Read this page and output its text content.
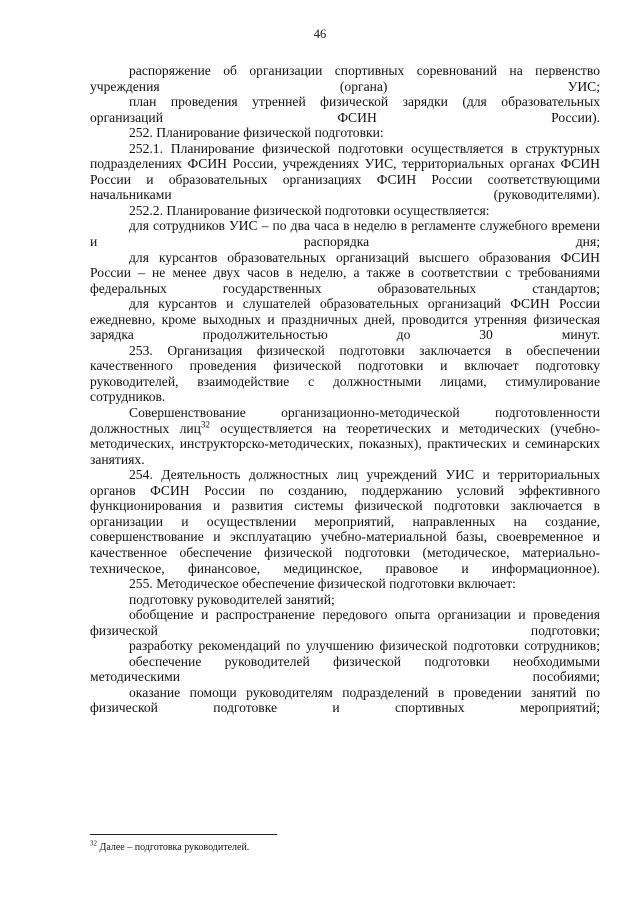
46

распоряжение об организации спортивных соревнований на первенство учреждения (органа) УИС;

план проведения утренней физической зарядки (для образовательных организаций ФСИН России).

252. Планирование физической подготовки:

252.1. Планирование физической подготовки осуществляется в структурных подразделениях ФСИН России, учреждениях УИС, территориальных органах ФСИН России и образовательных организациях ФСИН России соответствующими начальниками (руководителями).

252.2. Планирование физической подготовки осуществляется:

для сотрудников УИС – по два часа в неделю в регламенте служебного времени и распорядка дня;

для курсантов образовательных организаций высшего образования ФСИН России – не менее двух часов в неделю, а также в соответствии с требованиями федеральных государственных образовательных стандартов;

для курсантов и слушателей образовательных организаций ФСИН России ежедневно, кроме выходных и праздничных дней, проводится утренняя физическая зарядка продолжительностью до 30 минут.

253. Организация физической подготовки заключается в обеспечении качественного проведения физической подготовки и включает подготовку руководителей, взаимодействие с должностными лицами, стимулирование сотрудников.

Совершенствование организационно-методической подготовленности должностных лиц$^{32}$ осуществляется на теоретических и методических (учебно-методических, инструкторско-методических, показных), практических и семинарских занятиях.

254. Деятельность должностных лиц учреждений УИС и территориальных органов ФСИН России по созданию, поддержанию условий эффективного функционирования и развития системы физической подготовки заключается в организации и осуществлении мероприятий, направленных на создание, совершенствование и эксплуатацию учебно-материальной базы, своевременное и качественное обеспечение физической подготовки (методическое, материально-техническое, финансовое, медицинское, правовое и информационное).

255. Методическое обеспечение физической подготовки включает:

подготовку руководителей занятий;

обобщение и распространение передового опыта организации и проведения физической подготовки;

разработку рекомендаций по улучшению физической подготовки сотрудников;

обеспечение руководителей физической подготовки необходимыми методическими пособиями;

оказание помощи руководителям подразделений в проведении занятий по физической подготовке и спортивных мероприятий;

$^{32}$ Далее – подготовка руководителей.
